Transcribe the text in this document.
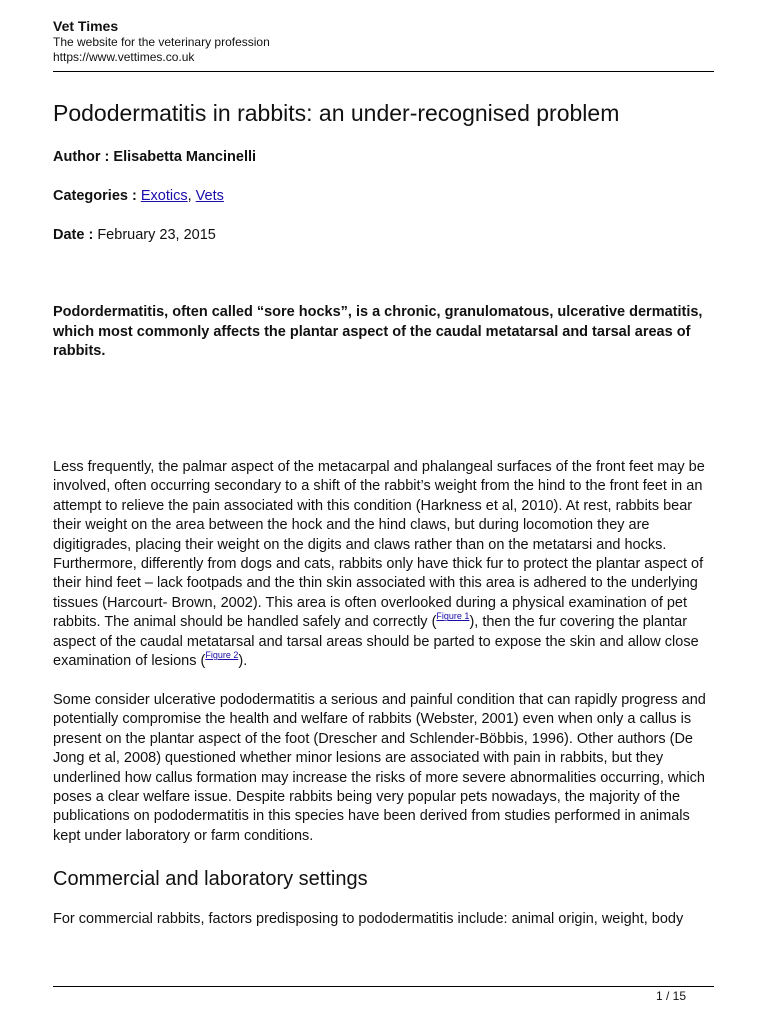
Vet Times
The website for the veterinary profession
https://www.vettimes.co.uk
Pododermatitis in rabbits: an under-recognised problem
Author : Elisabetta Mancinelli
Categories : Exotics, Vets
Date : February 23, 2015

Podordermatitis, often called “sore hocks”, is a chronic, granulomatous, ulcerative dermatitis, which most commonly affects the plantar aspect of the caudal metatarsal and tarsal areas of rabbits.

Less frequently, the palmar aspect of the metacarpal and phalangeal surfaces of the front feet may be involved, often occurring secondary to a shift of the rabbit’s weight from the hind to the front feet in an attempt to relieve the pain associated with this condition (Harkness et al, 2010). At rest, rabbits bear their weight on the area between the hock and the hind claws, but during locomotion they are digitigrades, placing their weight on the digits and claws rather than on the metatarsi and hocks. Furthermore, differently from dogs and cats, rabbits only have thick fur to protect the plantar aspect of their hind feet – lack footpads and the thin skin associated with this area is adhered to the underlying tissues (Harcourt- Brown, 2002). This area is often overlooked during a physical examination of pet rabbits. The animal should be handled safely and correctly ($^{Figure 1}$), then the fur covering the plantar aspect of the caudal metatarsal and tarsal areas should be parted to expose the skin and allow close examination of lesions ($^{Figure 2}$).

Some consider ulcerative pododermatitis a serious and painful condition that can rapidly progress and potentially compromise the health and welfare of rabbits (Webster, 2001) even when only a callus is present on the plantar aspect of the foot (Drescher and Schlender-Böbbis, 1996). Other authors (De Jong et al, 2008) questioned whether minor lesions are associated with pain in rabbits, but they underlined how callus formation may increase the risks of more severe abnormalities occurring, which poses a clear welfare issue. Despite rabbits being very popular pets nowadays, the majority of the publications on pododermatitis in this species have been derived from studies performed in animals kept under laboratory or farm conditions.

Commercial and laboratory settings

For commercial rabbits, factors predisposing to pododermatitis include: animal origin, weight, body

1 / 15
